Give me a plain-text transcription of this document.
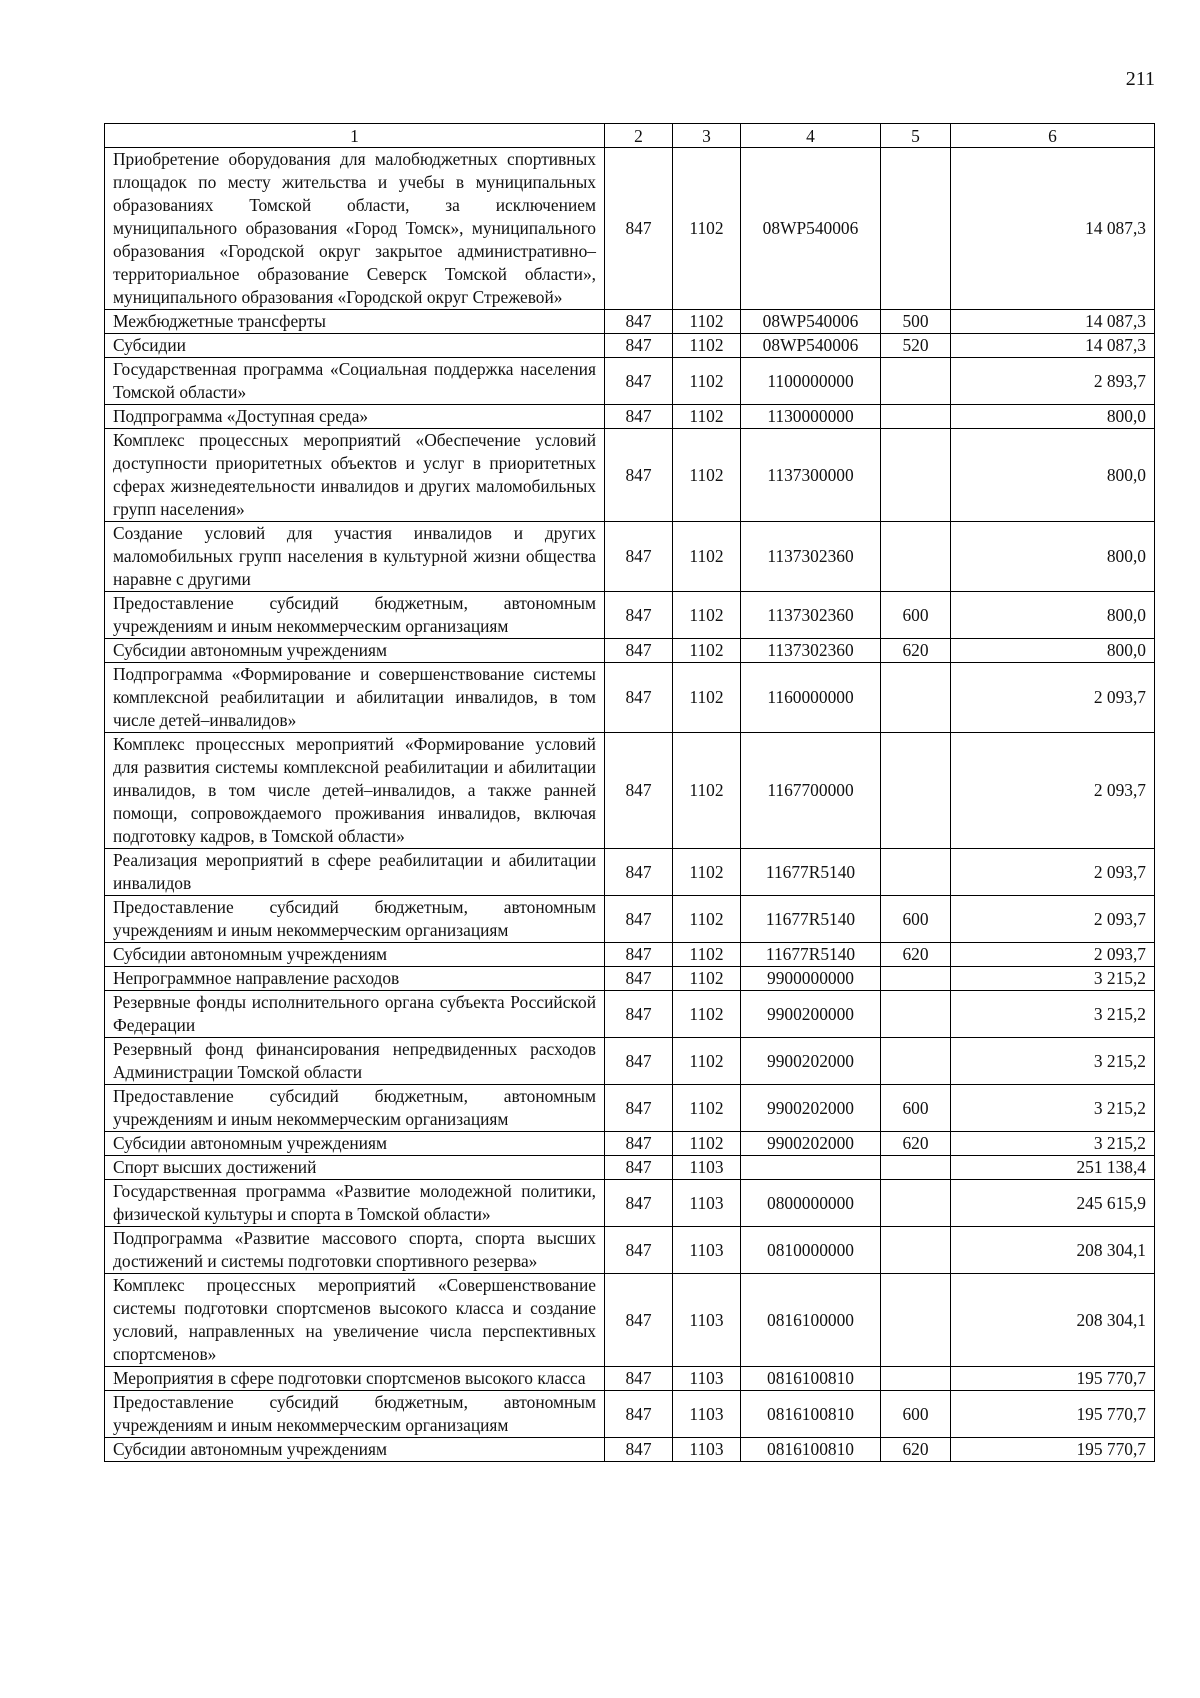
211
1	2	3	4	5	6
Приобретение оборудования для малобюджетных спортивных площадок по месту жительства и учебы в муниципальных образованиях Томской области, за исключением муниципального образования «Город Томск», муниципального образования «Городской округ закрытое административно–территориальное образование Северск Томской области», муниципального образования «Городской округ Стрежевой»	847	1102	08WP540006		14 087,3
Межбюджетные трансферты	847	1102	08WP540006	500	14 087,3
Субсидии	847	1102	08WP540006	520	14 087,3
Государственная программа «Социальная поддержка населения Томской области»	847	1102	1100000000		2 893,7
Подпрограмма «Доступная среда»	847	1102	1130000000		800,0
Комплекс процессных мероприятий «Обеспечение условий доступности приоритетных объектов и услуг в приоритетных сферах жизнедеятельности инвалидов и других маломобильных групп населения»	847	1102	1137300000		800,0
Создание условий для участия инвалидов и других маломобильных групп населения в культурной жизни общества наравне с другими	847	1102	1137302360		800,0
Предоставление субсидий бюджетным, автономным учреждениям и иным некоммерческим организациям	847	1102	1137302360	600	800,0
Субсидии автономным учреждениям	847	1102	1137302360	620	800,0
Подпрограмма «Формирование и совершенствование системы комплексной реабилитации и абилитации инвалидов, в том числе детей–инвалидов»	847	1102	1160000000		2 093,7
Комплекс процессных мероприятий «Формирование условий для развития системы комплексной реабилитации и абилитации инвалидов, в том числе детей–инвалидов, а также ранней помощи, сопровождаемого проживания инвалидов, включая подготовку кадров, в Томской области»	847	1102	1167700000		2 093,7
Реализация мероприятий в сфере реабилитации и абилитации инвалидов	847	1102	11677R5140		2 093,7
Предоставление субсидий бюджетным, автономным учреждениям и иным некоммерческим организациям	847	1102	11677R5140	600	2 093,7
Субсидии автономным учреждениям	847	1102	11677R5140	620	2 093,7
Непрограммное направление расходов	847	1102	9900000000		3 215,2
Резервные фонды исполнительного органа субъекта Российской Федерации	847	1102	9900200000		3 215,2
Резервный фонд финансирования непредвиденных расходов Администрации Томской области	847	1102	9900202000		3 215,2
Предоставление субсидий бюджетным, автономным учреждениям и иным некоммерческим организациям	847	1102	9900202000	600	3 215,2
Субсидии автономным учреждениям	847	1102	9900202000	620	3 215,2
Спорт высших достижений	847	1103			251 138,4
Государственная программа «Развитие молодежной политики, физической культуры и спорта в Томской области»	847	1103	0800000000		245 615,9
Подпрограмма «Развитие массового спорта, спорта высших достижений и системы подготовки спортивного резерва»	847	1103	0810000000		208 304,1
Комплекс процессных мероприятий «Совершенствование системы подготовки спортсменов высокого класса и создание условий, направленных на увеличение числа перспективных спортсменов»	847	1103	0816100000		208 304,1
Мероприятия в сфере подготовки спортсменов высокого класса	847	1103	0816100810		195 770,7
Предоставление субсидий бюджетным, автономным учреждениям и иным некоммерческим организациям	847	1103	0816100810	600	195 770,7
Субсидии автономным учреждениям	847	1103	0816100810	620	195 770,7
